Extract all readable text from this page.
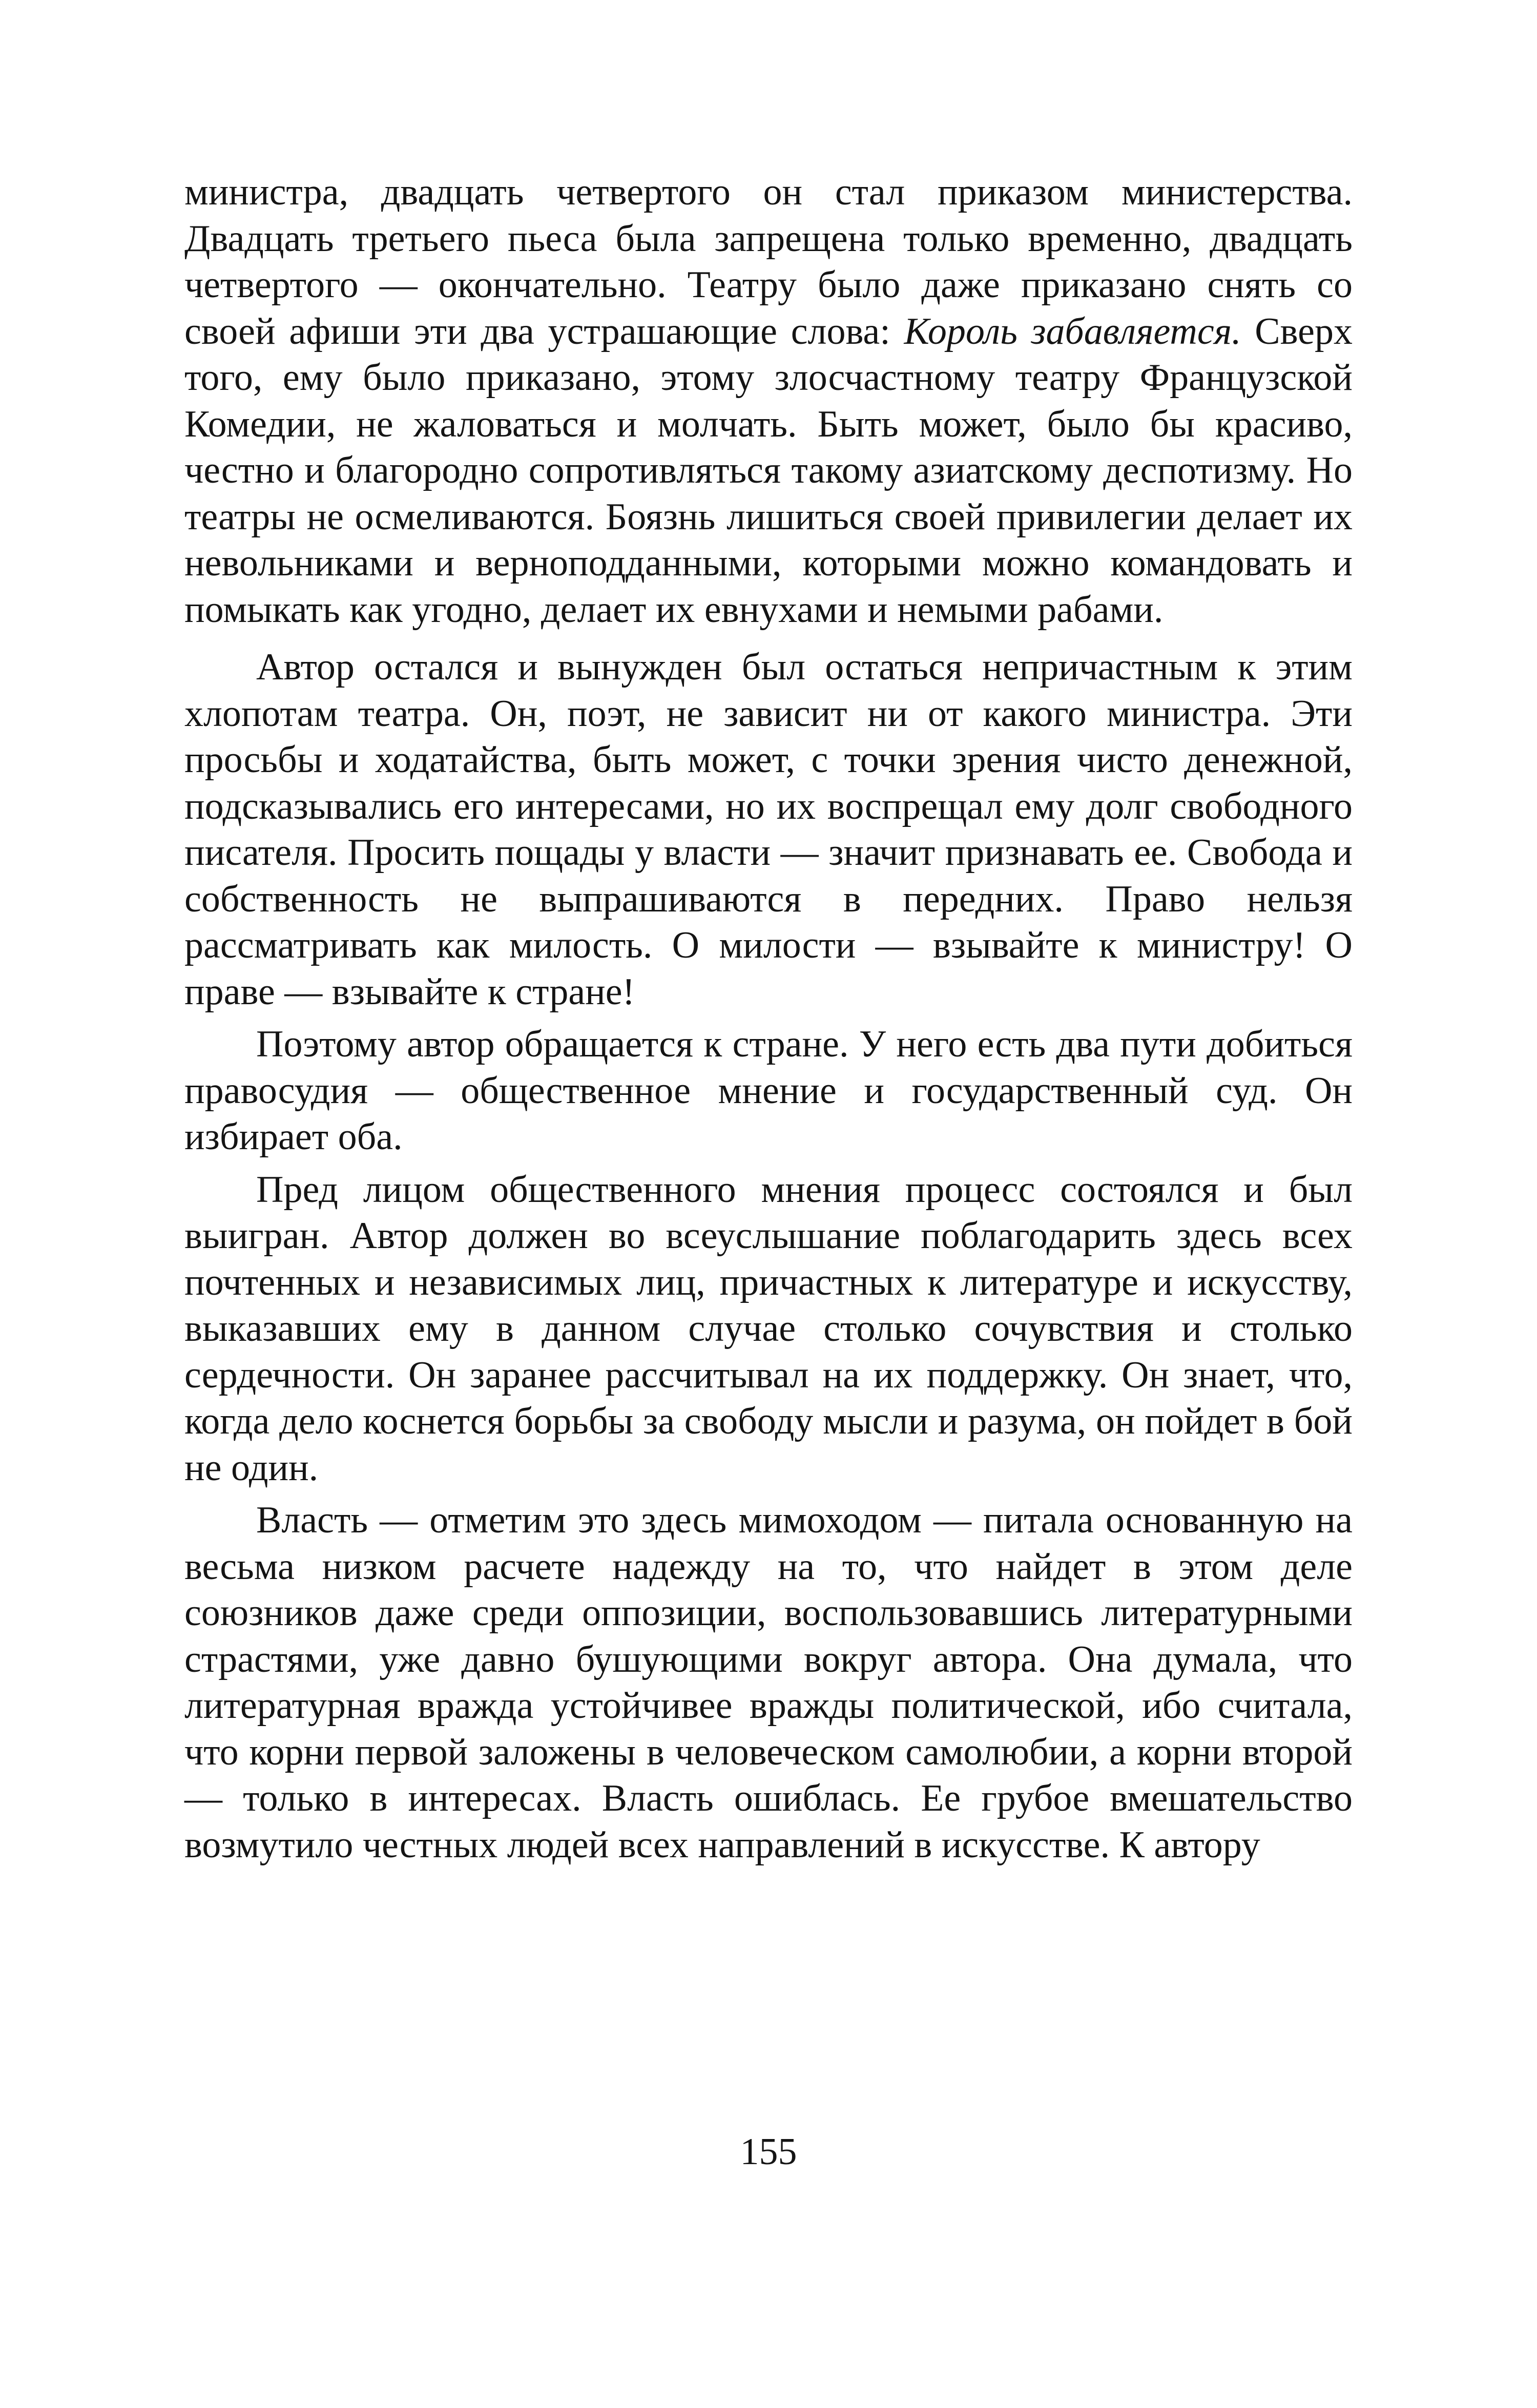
министра, двадцать четвертого он стал приказом министерства. Двадцать третьего пьеса была запрещена только временно, двадцать четвертого — окончательно. Театру было даже приказано снять со своей афиши эти два устрашающие слова: Король забавляется. Сверх того, ему было приказано, этому злосчастному театру Французской Комедии, не жаловаться и молчать. Быть может, было бы красиво, честно и благородно сопротивляться такому азиатскому деспотизму. Но театры не осмеливаются. Боязнь лишиться своей привилегии делает их невольниками и верноподданными, которыми можно командовать и помыкать как угодно, делает их евнухами и немыми рабами.

Автор остался и вынужден был остаться непричастным к этим хлопотам театра. Он, поэт, не зависит ни от какого министра. Эти просьбы и ходатайства, быть может, с точки зрения чисто денежной, подсказывались его интересами, но их воспрещал ему долг свободного писателя. Просить пощады у власти — значит признавать ее. Свобода и собственность не выпрашиваются в передних. Право нельзя рассматривать как милость. О милости — взывайте к министру! О праве — взывайте к стране!

Поэтому автор обращается к стране. У него есть два пути добиться правосудия — общественное мнение и государственный суд. Он избирает оба.

Пред лицом общественного мнения процесс состоялся и был выигран. Автор должен во всеуслышание поблагодарить здесь всех почтенных и независимых лиц, причастных к литературе и искусству, выказавших ему в данном случае столько сочувствия и столько сердечности. Он заранее рассчитывал на их поддержку. Он знает, что, когда дело коснется борьбы за свободу мысли и разума, он пойдет в бой не один.

Власть — отметим это здесь мимоходом — питала основанную на весьма низком расчете надежду на то, что найдет в этом деле союзников даже среди оппозиции, воспользовавшись литературными страстями, уже давно бушующими вокруг автора. Она думала, что литературная вражда устойчивее вражды политической, ибо считала, что корни первой заложены в человеческом самолюбии, а корни второй — только в интересах. Власть ошиблась. Ее грубое вмешательство возмутило честных людей всех направлений в искусстве. К автору

155
